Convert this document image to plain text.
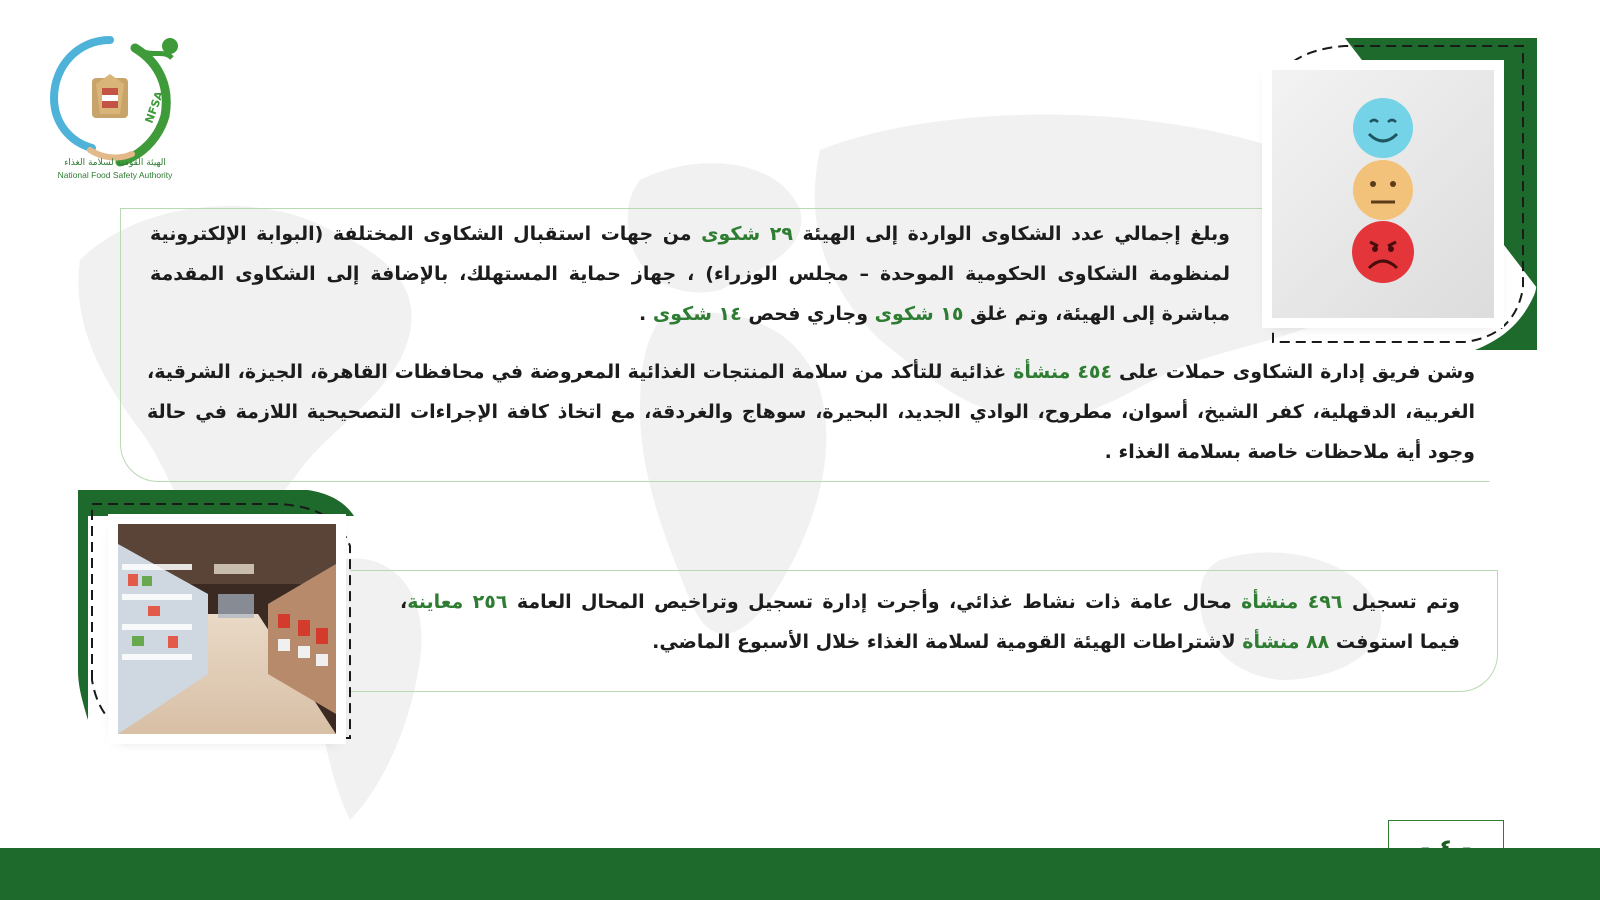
NFSA
الهيئة القومية لسلامة الغذاء
National Food Safety Authority
وبلغ إجمالي عدد الشكاوى الواردة إلى الهيئة ٢٩ شكوى من جهات استقبال الشكاوى المختلفة (البوابة الإلكترونية لمنظومة الشكاوى الحكومية الموحدة – مجلس الوزراء) ، جهاز حماية المستهلك، بالإضافة إلى الشكاوى المقدمة مباشرة إلى الهيئة، وتم غلق ١٥ شكوى وجاري فحص ١٤ شكوى .
وشن فريق إدارة الشكاوى حملات على ٤٥٤ منشأة غذائية للتأكد من سلامة المنتجات الغذائية المعروضة في محافظات القاهرة، الجيزة، الشرقية، الغربية، الدقهلية، كفر الشيخ، أسوان، مطروح، الوادي الجديد، البحيرة، سوهاج والغردقة، مع اتخاذ كافة الإجراءات التصحيحية اللازمة في حالة وجود أية ملاحظات خاصة بسلامة الغذاء .
وتم تسجيل ٤٩٦ منشأة محال عامة ذات نشاط غذائي، وأجرت إدارة تسجيل وتراخيص المحال العامة ٢٥٦ معاينة، فيما استوفت ٨٨ منشأة لاشتراطات الهيئة القومية لسلامة الغذاء خلال الأسبوع الماضي.
